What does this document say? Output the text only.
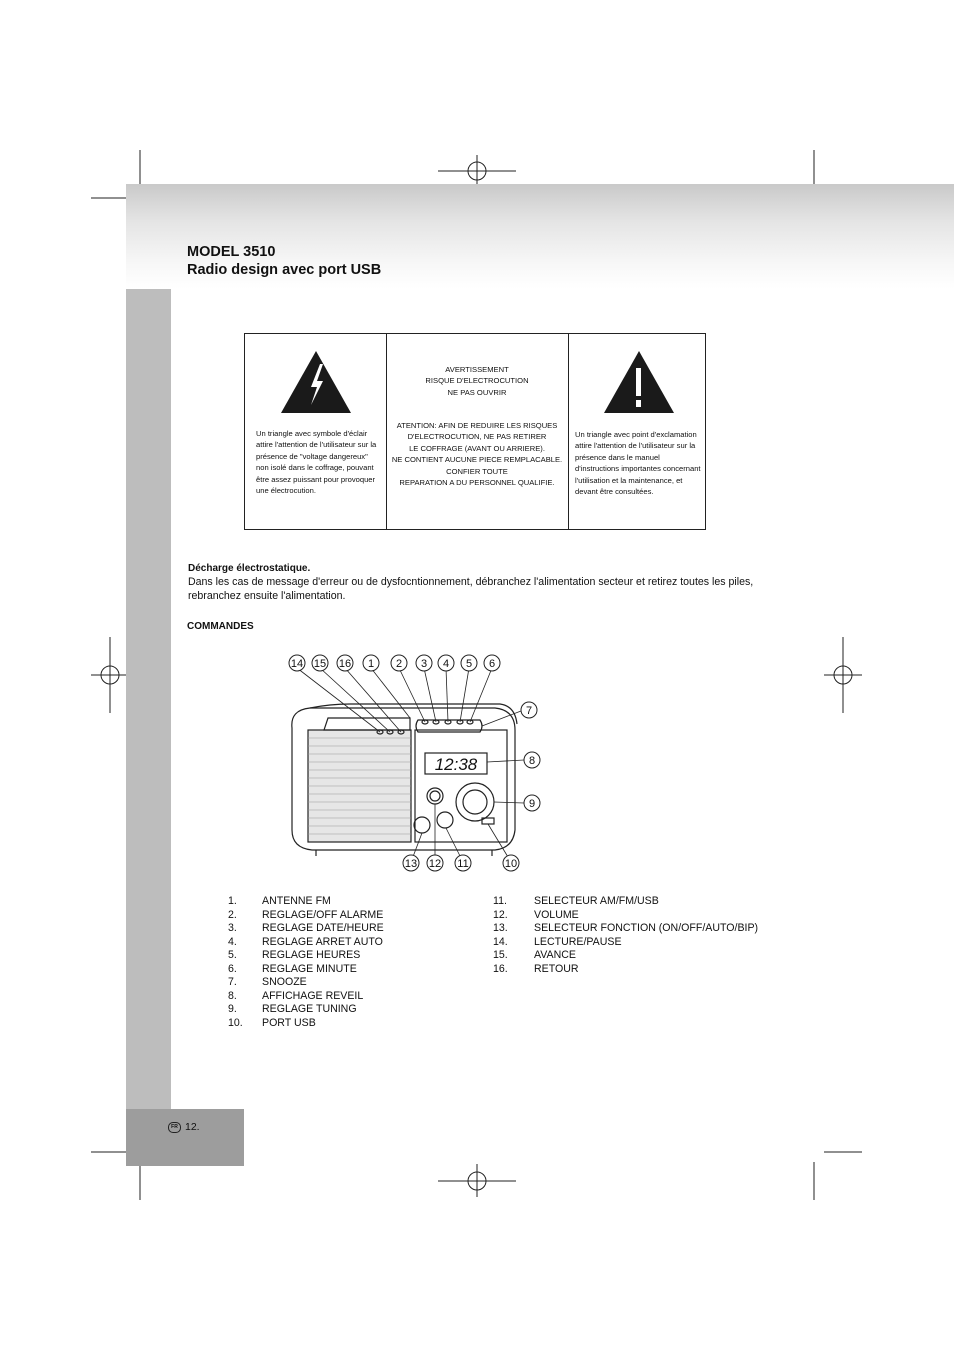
MODEL 3510
Radio design avec port USB
Un triangle avec symbole d'éclair attire l'attention de l'utilisateur sur la présence de "voltage dangereux" non isolé dans le coffrage, pouvant être assez puissant pour provoquer une électrocution.
AVERTISSEMENT
RISQUE D'ELECTROCUTION
NE PAS OUVRIR
ATENTION: AFIN DE REDUIRE LES RISQUES
D'ELECTROCUTION, NE PAS RETIRER
LE COFFRAGE (AVANT OU ARRIERE).
NE CONTIENT AUCUNE PIECE REMPLACABLE.
CONFIER TOUTE
REPARATION A DU PERSONNEL QUALIFIE.
Un triangle avec point d'exclamation attire l'attention de l'utilisateur sur la présence dans le manuel d'instructions importantes concernant l'utilisation et la maintenance, et devant être consultées.
Décharge électrostatique.
Dans les cas de message d'erreur ou de dysfocntionnement, débranchez l'alimentation secteur et retirez toutes les piles, rebranchez ensuite l'alimentation.
COMMANDES
12:38
14 15 16 1 2 3 4 5 6
7
8
9
10
11
12
13
1.	ANTENNE FM
2.	REGLAGE/OFF ALARME
3.	REGLAGE DATE/HEURE
4.	REGLAGE ARRET AUTO
5.	REGLAGE HEURES
6.	REGLAGE MINUTE
7.	SNOOZE
8.	AFFICHAGE REVEIL
9.	REGLAGE TUNING
10.	PORT USB
11.	SELECTEUR AM/FM/USB
12.	VOLUME
13.	SELECTEUR FONCTION (ON/OFF/AUTO/BIP)
14.	LECTURE/PAUSE
15.	AVANCE
16.	RETOUR
FR 12.
